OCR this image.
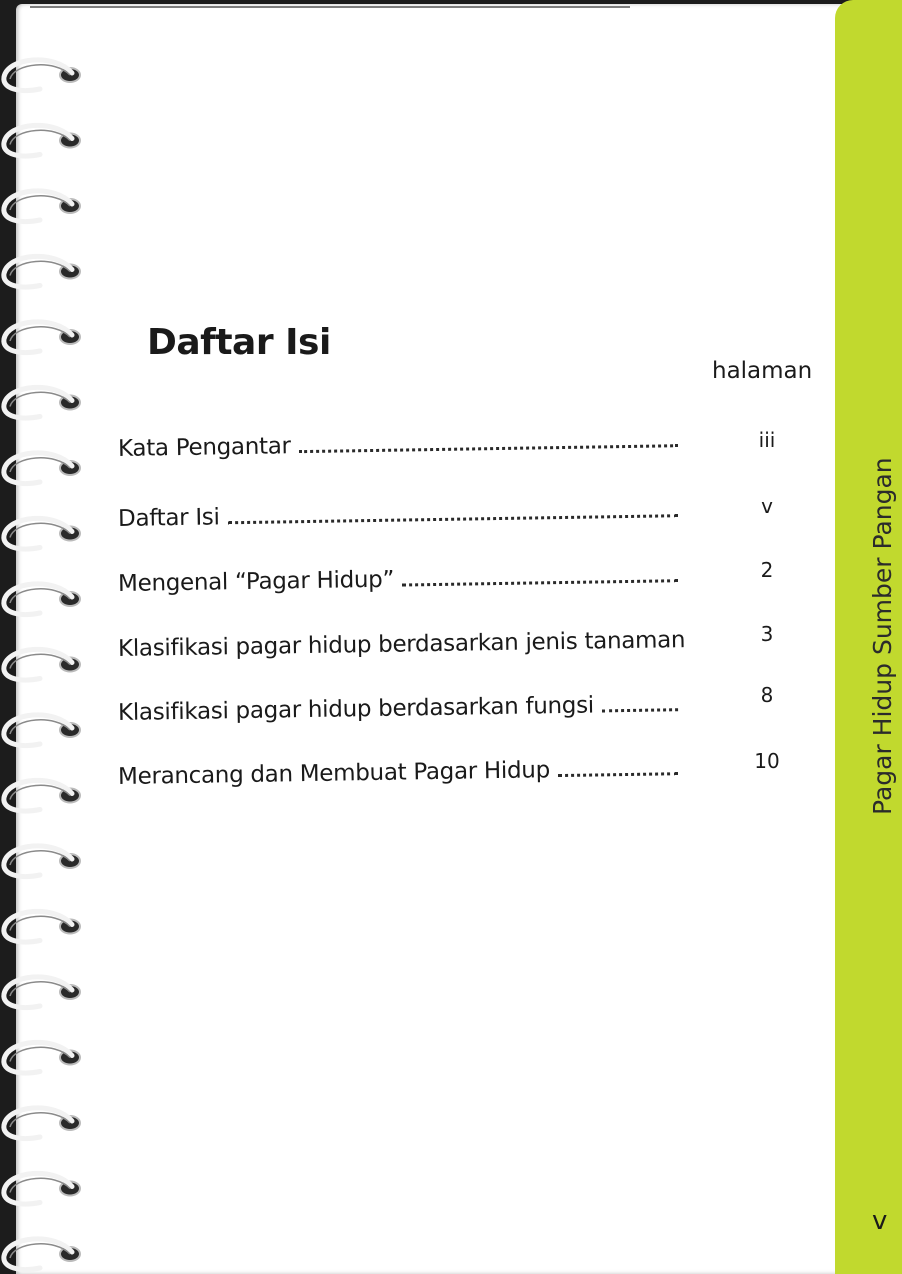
Pagar Hidup Sumber Pangan
v
Daftar Isi
halaman
Kata Pengantar	iii
Daftar Isi	v
Mengenal “Pagar Hidup”	2
Klasifikasi pagar hidup berdasarkan jenis tanaman	3
Klasifikasi pagar hidup berdasarkan fungsi	8
Merancang dan Membuat Pagar Hidup	10
